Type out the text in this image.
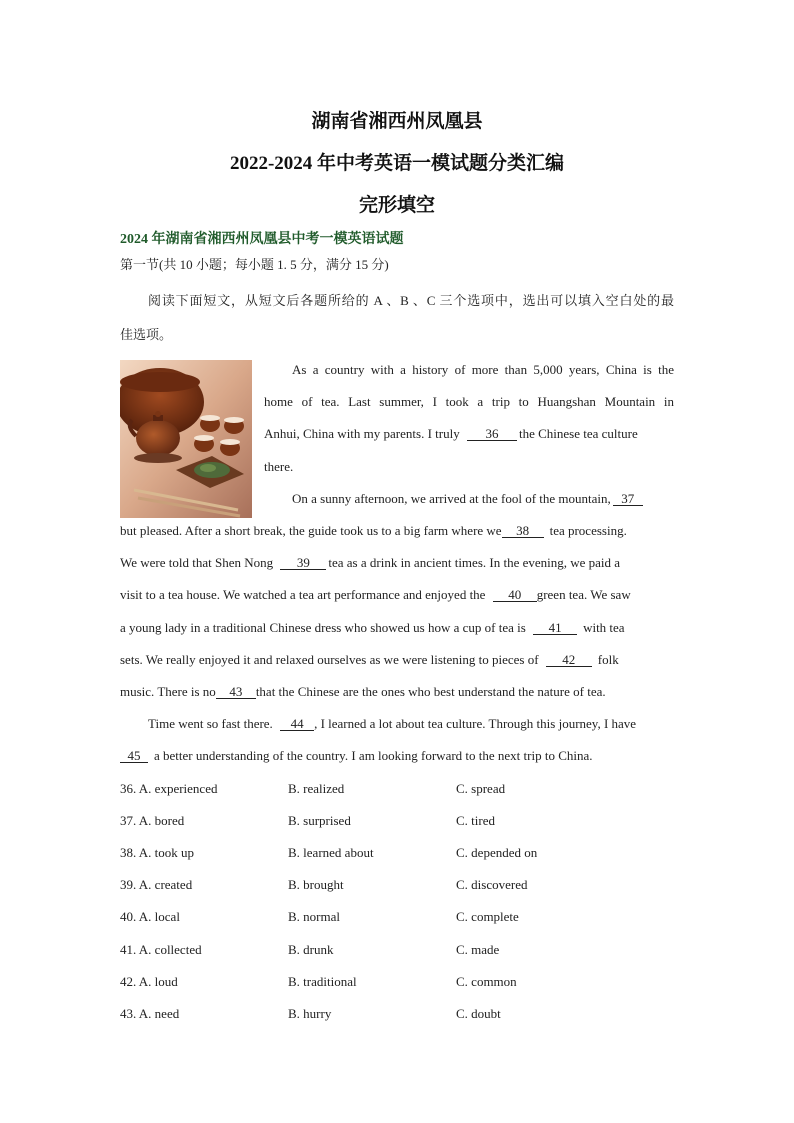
湖南省湘西州凤凰县
2022-2024 年中考英语一模试题分类汇编
完形填空
2024 年湖南省湘西州凤凰县中考一模英语试题
第一节(共 10 小题；每小题 1. 5 分，满分 15 分)
阅读下面短文，从短文后各题所给的 A 、B 、C 三个选项中，选出可以填入空白处的最
佳选项。
As a country with a history of more than 5,000 years, China is the
home of tea. Last summer, I took a trip to Huangshan Mountain in
Anhui, China with my parents. I truly 36 the Chinese tea culture
there.
On a sunny afternoon, we arrived at the fool of the mountain, 37
but pleased. After a short break, the guide took us to a big farm where we 38 tea processing.
We were told that Shen Nong 39 tea as a drink in ancient times. In the evening, we paid a
visit to a tea house. We watched a tea art performance and enjoyed the 40 green tea. We saw
a young lady in a traditional Chinese dress who showed us how a cup of tea is 41 with tea
sets. We really enjoyed it and relaxed ourselves as we were listening to pieces of 42 folk
music. There is no 43 that the Chinese are the ones who best understand the nature of tea.
Time went so fast there. 44 , I learned a lot about tea culture. Through this journey, I have
45 a better understanding of the country. I am looking forward to the next trip to China.
36. A. experienced	B. realized	C. spread
37. A. bored	B. surprised	C. tired
38. A. took up	B. learned about	C. depended on
39. A. created	B. brought	C. discovered
40. A. local	B. normal	C. complete
41. A. collected	B. drunk	C. made
42. A. loud	B. traditional	C. common
43. A. need	B. hurry	C. doubt
